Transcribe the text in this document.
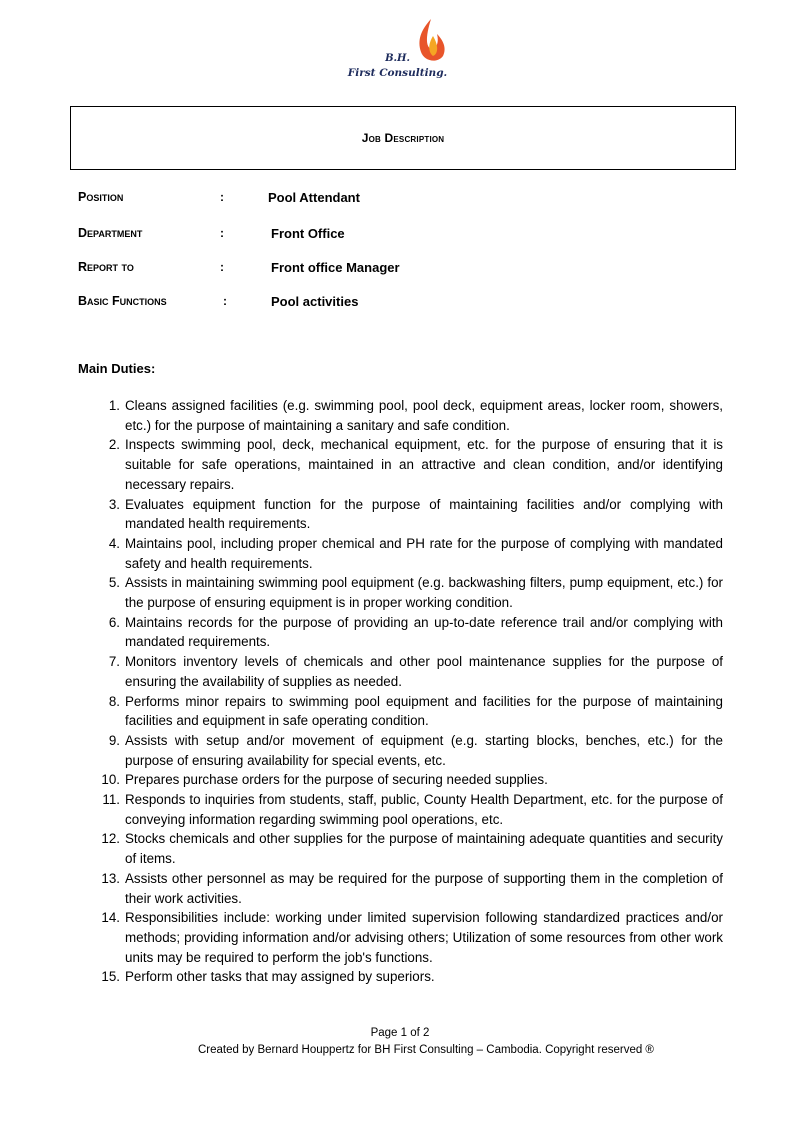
B.H.
First Consulting.
Job Description
Position	:	Pool Attendant
Department	:	Front Office
Report to	:	Front office Manager
Basic Functions	:	Pool activities
Main Duties:
1. Cleans assigned facilities (e.g. swimming pool, pool deck, equipment areas, locker room, showers, etc.) for the purpose of maintaining a sanitary and safe condition.
2. Inspects swimming pool, deck, mechanical equipment, etc. for the purpose of ensuring that it is suitable for safe operations, maintained in an attractive and clean condition, and/or identifying necessary repairs.
3. Evaluates equipment function for the purpose of maintaining facilities and/or complying with mandated health requirements.
4. Maintains pool, including proper chemical and PH rate for the purpose of complying with mandated safety and health requirements.
5. Assists in maintaining swimming pool equipment (e.g. backwashing filters, pump equipment, etc.) for the purpose of ensuring equipment is in proper working condition.
6. Maintains records for the purpose of providing an up-to-date reference trail and/or complying with mandated requirements.
7. Monitors inventory levels of chemicals and other pool maintenance supplies for the purpose of ensuring the availability of supplies as needed.
8. Performs minor repairs to swimming pool equipment and facilities for the purpose of maintaining facilities and equipment in safe operating condition.
9. Assists with setup and/or movement of equipment (e.g. starting blocks, benches, etc.) for the purpose of ensuring availability for special events, etc.
10. Prepares purchase orders for the purpose of securing needed supplies.
11. Responds to inquiries from students, staff, public, County Health Department, etc. for the purpose of conveying information regarding swimming pool operations, etc.
12. Stocks chemicals and other supplies for the purpose of maintaining adequate quantities and security of items.
13. Assists other personnel as may be required for the purpose of supporting them in the completion of their work activities.
14. Responsibilities include: working under limited supervision following standardized practices and/or methods; providing information and/or advising others; Utilization of some resources from other work units may be required to perform the job's functions.
15. Perform other tasks that may assigned by superiors.
Page 1 of 2
Created by Bernard Houppertz for BH First Consulting – Cambodia. Copyright reserved ®
